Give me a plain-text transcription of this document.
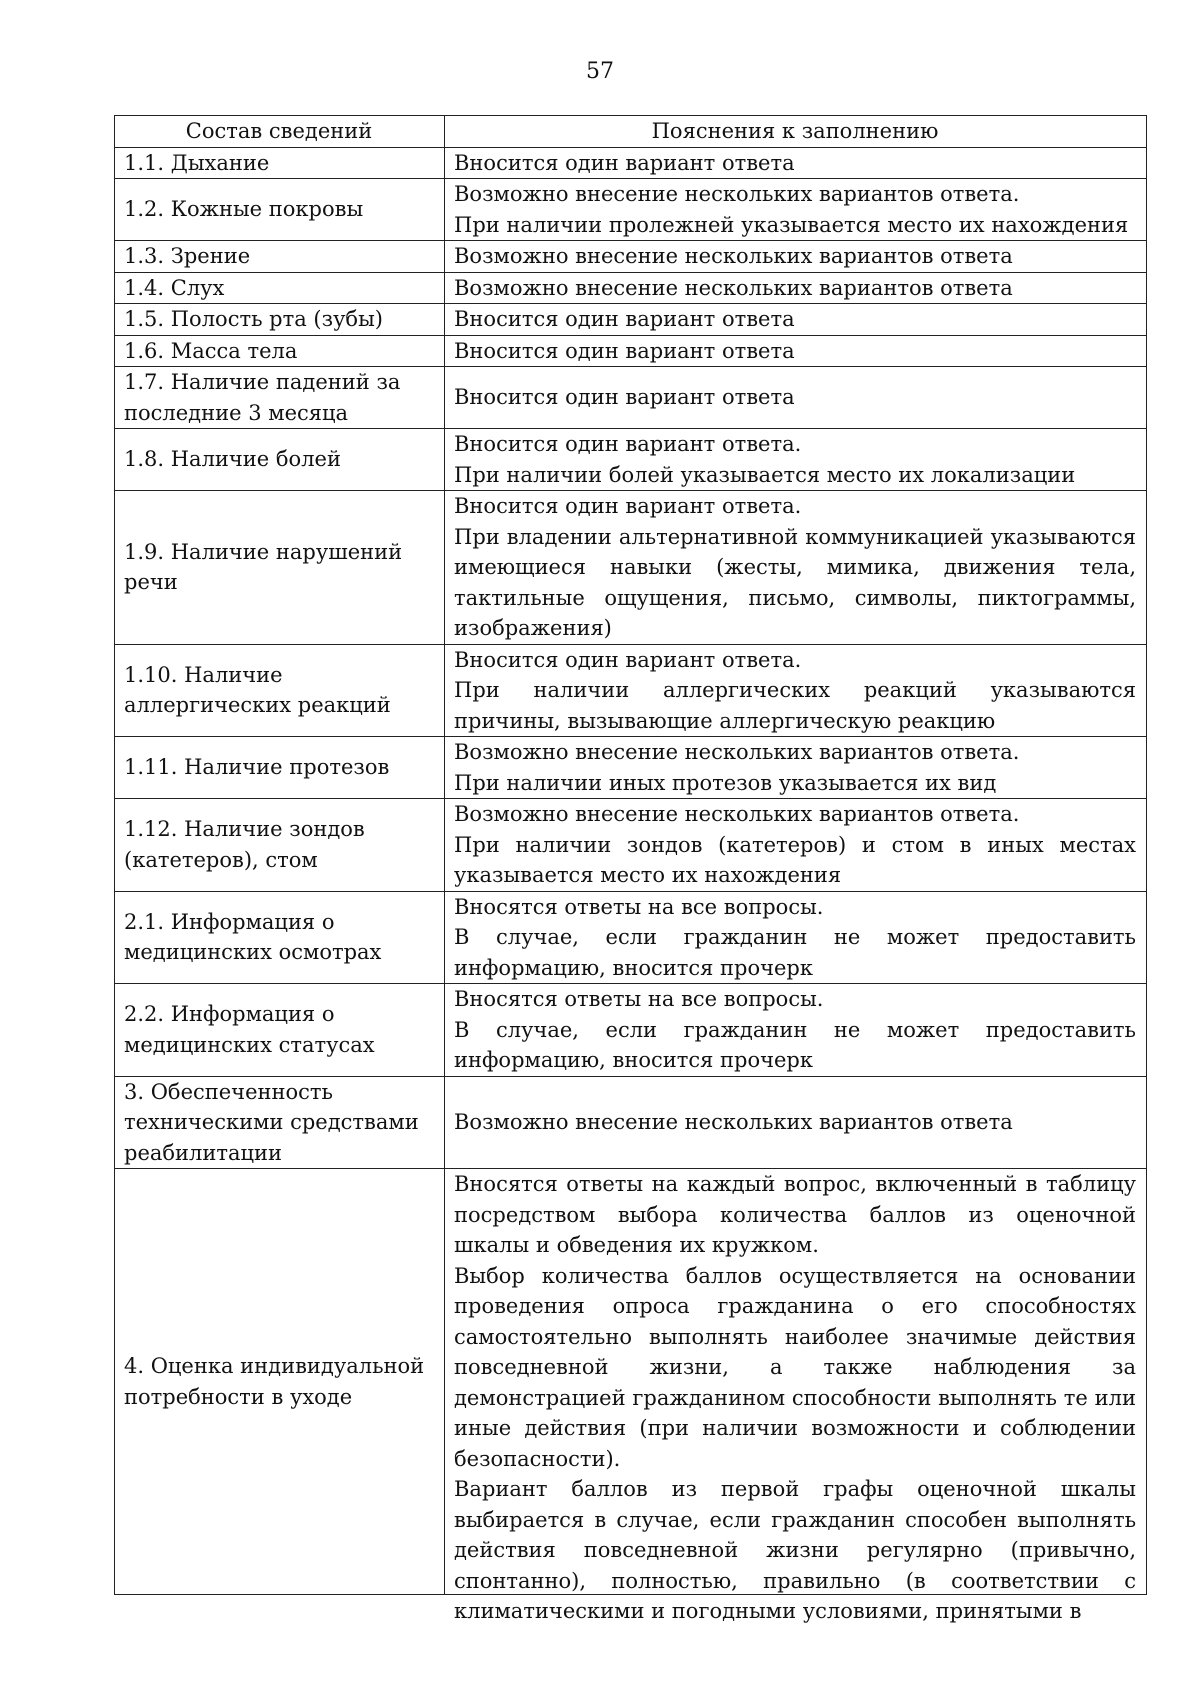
57
Состав сведений	Пояснения к заполнению
1.1. Дыхание	Вносится один вариант ответа

1.2. Кожные покровы	Возможно внесение нескольких вариантов ответа.
При наличии пролежней указывается место их нахождения

1.3. Зрение	Возможно внесение нескольких вариантов ответа

1.4. Слух	Возможно внесение нескольких вариантов ответа

1.5. Полость рта (зубы)	Вносится один вариант ответа

1.6. Масса тела	Вносится один вариант ответа

1.7. Наличие падений за последние 3 месяца	Вносится один вариант ответа

1.8. Наличие болей	Вносится один вариант ответа.
При наличии болей указывается место их локализации

1.9. Наличие нарушений речи	Вносится один вариант ответа.
При владении альтернативной коммуникацией указываются имеющиеся навыки (жесты, мимика, движения тела, тактильные ощущения, письмо, символы, пиктограммы, изображения)

1.10. Наличие аллергических реакций	Вносится один вариант ответа.
При наличии аллергических реакций указываются причины, вызывающие аллергическую реакцию

1.11. Наличие протезов	Возможно внесение нескольких вариантов ответа.
При наличии иных протезов указывается их вид

1.12. Наличие зондов (катетеров), стом	Возможно внесение нескольких вариантов ответа.
При наличии зондов (катетеров) и стом в иных местах указывается место их нахождения

2.1. Информация о медицинских осмотрах	Вносятся ответы на все вопросы.
В случае, если гражданин не может предоставить информацию, вносится прочерк

2.2. Информация о медицинских статусах	Вносятся ответы на все вопросы.
В случае, если гражданин не может предоставить информацию, вносится прочерк

3. Обеспеченность техническими средствами реабилитации	Возможно внесение нескольких вариантов ответа

4. Оценка индивидуальной потребности в уходе	Вносятся ответы на каждый вопрос, включенный в таблицу посредством выбора количества баллов из оценочной шкалы и обведения их кружком.
Выбор количества баллов осуществляется на основании проведения опроса гражданина о его способностях самостоятельно выполнять наиболее значимые действия повседневной жизни, а также наблюдения за демонстрацией гражданином способности выполнять те или иные действия (при наличии возможности и соблюдении безопасности).
Вариант баллов из первой графы оценочной шкалы выбирается в случае, если гражданин способен выполнять действия повседневной жизни регулярно (привычно, спонтанно), полностью, правильно (в соответствии с климатическими и погодными условиями, принятыми в
